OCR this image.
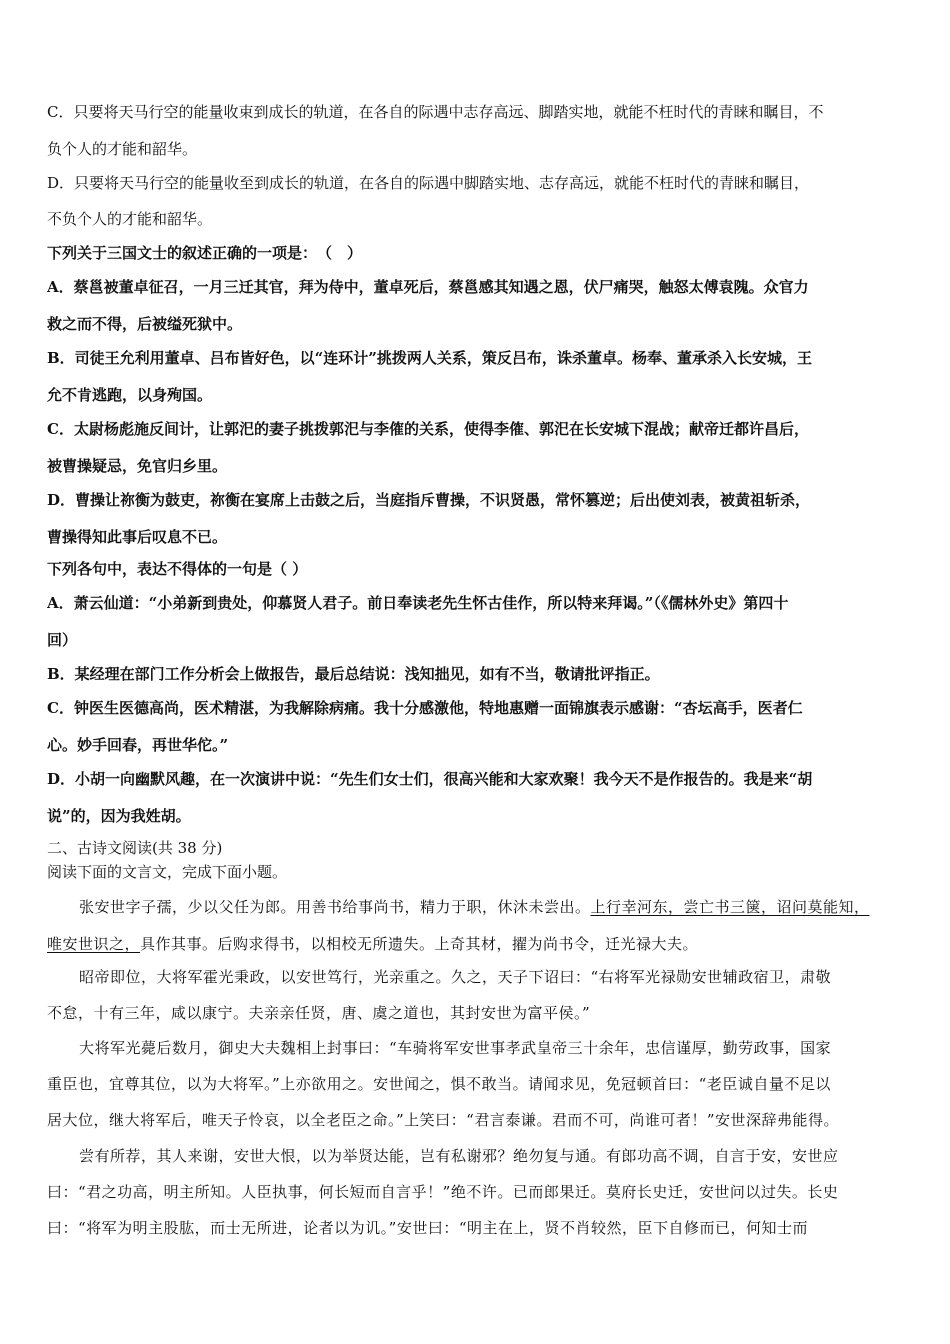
C．只要将天马行空的能量收束到成长的轨道，在各自的际遇中志存高远、脚踏实地，就能不枉时代的青睐和瞩目，不
负个人的才能和韶华。
D．只要将天马行空的能量收至到成长的轨道，在各自的际遇中脚踏实地、志存高远，就能不枉时代的青睐和瞩目，
不负个人的才能和韶华。
下列关于三国文士的叙述正确的一项是：　（　）
A．蔡邕被董卓征召，一月三迁其官，拜为侍中，董卓死后，蔡邕感其知遇之恩，伏尸痛哭，触怒太傅袁隗。众官力
救之而不得，后被缢死狱中。
B．司徒王允利用董卓、吕布皆好色，以“连环计”挑拨两人关系，策反吕布，诛杀董卓。杨奉、董承杀入长安城，王
允不肯逃跑，以身殉国。
C．太尉杨彪施反间计，让郭汜的妻子挑拨郭汜与李傕的关系，使得李傕、郭汜在长安城下混战；献帝迁都许昌后，
被曹操疑忌，免官归乡里。
D．曹操让祢衡为鼓吏，祢衡在宴席上击鼓之后，当庭指斥曹操，不识贤愚，常怀篡逆；后出使刘表，被黄祖斩杀，
曹操得知此事后叹息不已。
下列各句中，表达不得体的一句是（ ）
A．萧云仙道：“小弟新到贵处，仰慕贤人君子。前日奉读老先生怀古佳作，所以特来拜谒。”（《儒林外史》第四十
回）
B．某经理在部门工作分析会上做报告，最后总结说：浅知拙见，如有不当，敬请批评指正。
C．钟医生医德高尚，医术精湛，为我解除病痛。我十分感激他，特地惠赠一面锦旗表示感谢：“杏坛高手，医者仁
心。妙手回春，再世华佗。”
D．小胡一向幽默风趣，在一次演讲中说：“先生们女士们，很高兴能和大家欢聚！我今天不是作报告的。我是来“胡
说”的，因为我姓胡。
二、古诗文阅读(共 38 分)
阅读下面的文言文，完成下面小题。
张安世字子孺，少以父任为郎。用善书给事尚书，精力于职，休沐未尝出。上行幸河东，尝亡书三箧，诏问莫能知，
唯安世识之，具作其事。后购求得书，以相校无所遗失。上奇其材，擢为尚书令，迁光禄大夫。
昭帝即位，大将军霍光秉政，以安世笃行，光亲重之。久之，天子下诏曰：“右将军光禄勋安世辅政宿卫，肃敬
不怠，十有三年，咸以康宁。夫亲亲任贤，唐、虞之道也，其封安世为富平侯。”
大将军光薨后数月，御史大夫魏相上封事曰：“车骑将军安世事孝武皇帝三十余年，忠信谨厚，勤劳政事，国家
重臣也，宜尊其位，以为大将军。”上亦欲用之。安世闻之，惧不敢当。请闻求见，免冠顿首曰：“老臣诚自量不足以
居大位，继大将军后，唯天子怜哀，以全老臣之命。”上笑曰：“君言泰谦。君而不可，尚谁可者！”安世深辞弗能得。
尝有所荐，其人来谢，安世大恨，以为举贤达能，岂有私谢邪？绝勿复与通。有郎功高不调，自言于安，安世应
曰：“君之功高，明主所知。人臣执事，何长短而自言乎！”绝不许。已而郎果迁。莫府长史迁，安世问以过失。长史
曰：“将军为明主股肱，而士无所进，论者以为讥。”安世曰：“明主在上，贤不肖较然，臣下自修而已，何知士而
